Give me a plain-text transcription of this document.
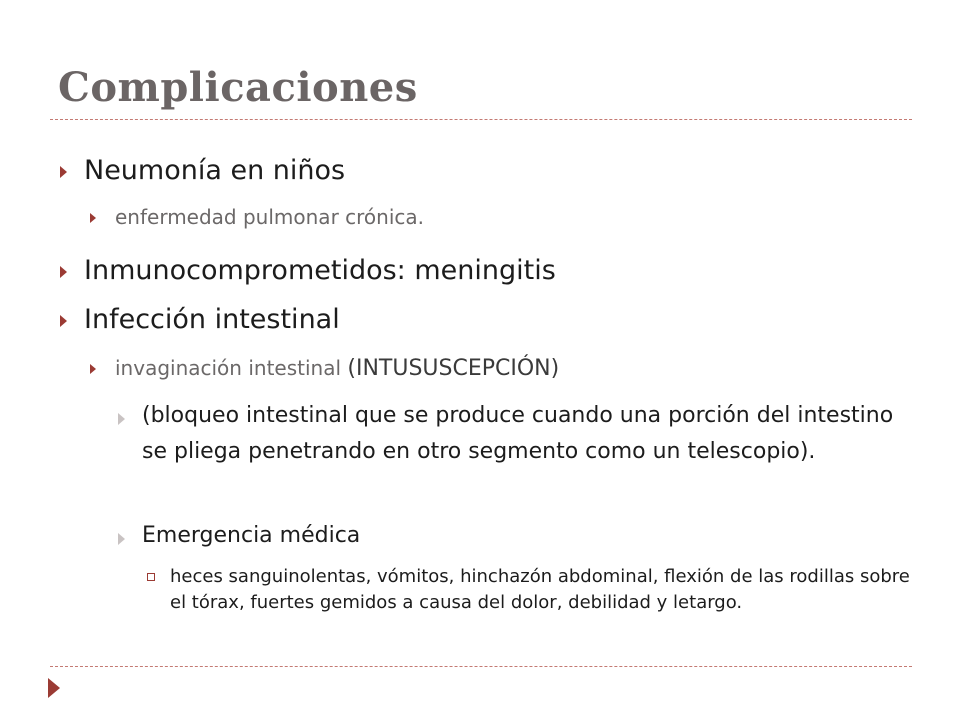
Complicaciones
Neumonía en niños
enfermedad pulmonar crónica.
Inmunocomprometidos: meningitis
Infección intestinal
invaginación intestinal (INTUSUSCEPCIÓN)
(bloqueo intestinal que se produce cuando una porción del intestino se pliega penetrando en otro segmento como un telescopio).
Emergencia médica
heces sanguinolentas, vómitos, hinchazón abdominal, flexión de las rodillas sobre el tórax, fuertes gemidos a causa del dolor, debilidad y letargo.
